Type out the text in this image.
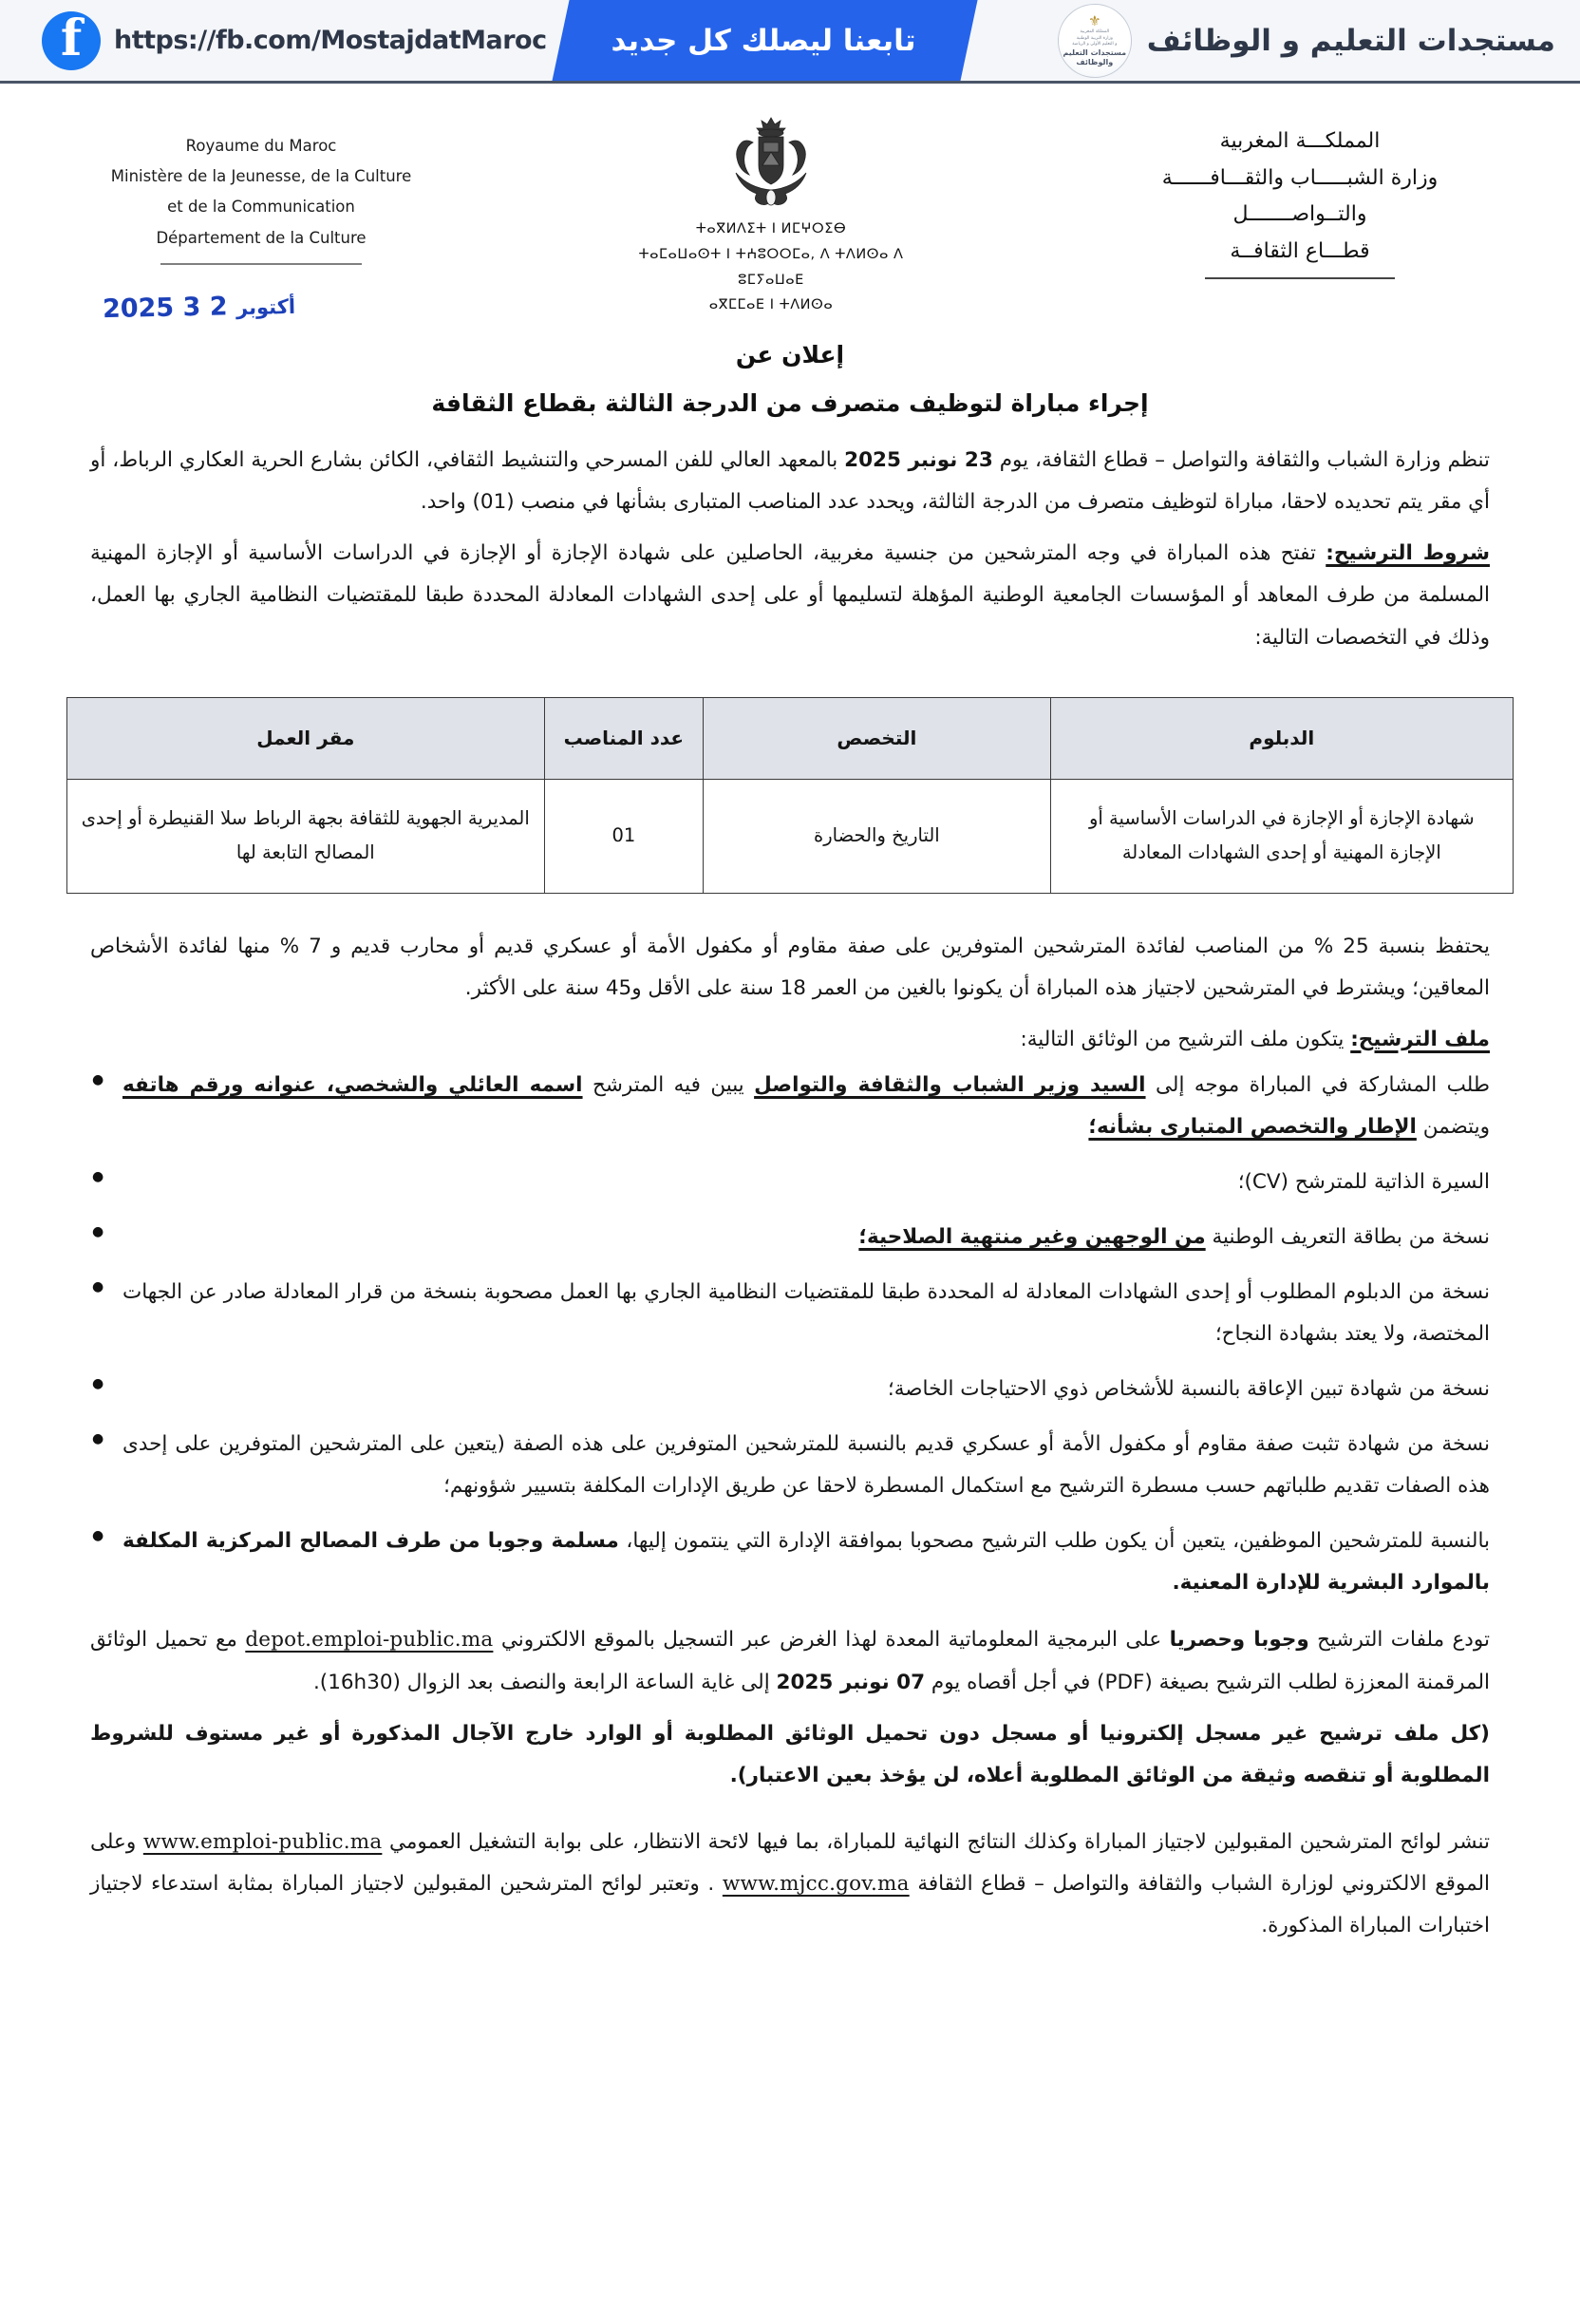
f
https://fb.com/MostajdatMaroc	تابعنا ليصلك كل جديد	مستجدات التعليم و الوظائف
⚜
المملكة المغربية
وزارة التربية الوطنية
و التعليم الأولي و الرياضة
مستجدات التعليم
والوظائف
Royaume du Maroc
Ministère de la Jeunesse, de la Culture
et de la Communication
Département de la Culture	ⵜⴰⴳⵍⴷⵉⵜ ⵏ ⵍⵎⵖⵔⵉⴱ
ⵜⴰⵎⴰⵡⴰⵙⵜ ⵏ ⵜⵄⵓⵔⵔⵎⴰ, ⴷ ⵜⴷⵍⵙⴰ ⴷ ⵓⵎⵢⴰⵡⴰⴹ
ⴰⴳⵎⵎⴰⴹ ⵏ ⵜⴷⵍⵙⴰ
المملكـــة المغربية
وزارة الشبـــــاب والثقـــافــــــة
والتــواصـــــــل
قطـــاع الثقافــة
2025	أكتوبر 2 3
إعلان عن
إجراء مباراة لتوظيف متصرف من الدرجة الثالثة بقطاع الثقافة

تنظم وزارة الشباب والثقافة والتواصل – قطاع الثقافة، يوم 23 نونبر 2025 بالمعهد العالي للفن المسرحي والتنشيط الثقافي، الكائن بشارع الحرية العكاري الرباط، أو أي مقر يتم تحديده لاحقا، مباراة لتوظيف متصرف من الدرجة الثالثة، ويحدد عدد المناصب المتبارى بشأنها في منصب (01) واحد.

شروط الترشيح: تفتح هذه المباراة في وجه المترشحين من جنسية مغربية، الحاصلين على شهادة الإجازة أو الإجازة في الدراسات الأساسية أو الإجازة المهنية المسلمة من طرف المعاهد أو المؤسسات الجامعية الوطنية المؤهلة لتسليمها أو على إحدى الشهادات المعادلة المحددة طبقا للمقتضيات النظامية الجاري بها العمل، وذلك في التخصصات التالية:

الدبلوم	التخصص	عدد المناصب	مقر العمل
شهادة الإجازة أو الإجازة في الدراسات الأساسية أو الإجازة المهنية أو إحدى الشهادات المعادلة	التاريخ والحضارة	01	المديرية الجهوية للثقافة بجهة الرباط سلا القنيطرة أو إحدى المصالح التابعة لها

يحتفظ بنسبة 25 % من المناصب لفائدة المترشحين المتوفرين على صفة مقاوم أو مكفول الأمة أو عسكري قديم أو محارب قديم و 7 % منها لفائدة الأشخاص المعاقين؛ ويشترط في المترشحين لاجتياز هذه المباراة أن يكونوا بالغين من العمر 18 سنة على الأقل و45 سنة على الأكثر.

ملف الترشيح: يتكون ملف الترشيح من الوثائق التالية:

● طلب المشاركة في المباراة موجه إلى السيد وزير الشباب والثقافة والتواصل يبين فيه المترشح اسمه العائلي والشخصي، عنوانه ورقم هاتفه ويتضمن الإطار والتخصص المتبارى بشأنه؛
● السيرة الذاتية للمترشح (CV)؛
● نسخة من بطاقة التعريف الوطنية من الوجهين وغير منتهية الصلاحية؛
● نسخة من الدبلوم المطلوب أو إحدى الشهادات المعادلة له المحددة طبقا للمقتضيات النظامية الجاري بها العمل مصحوبة بنسخة من قرار المعادلة صادر عن الجهات المختصة، ولا يعتد بشهادة النجاح؛
● نسخة من شهادة تبين الإعاقة بالنسبة للأشخاص ذوي الاحتياجات الخاصة؛
● نسخة من شهادة تثبت صفة مقاوم أو مكفول الأمة أو عسكري قديم بالنسبة للمترشحين المتوفرين على هذه الصفة (يتعين على المترشحين المتوفرين على إحدى هذه الصفات تقديم طلباتهم حسب مسطرة الترشيح مع استكمال المسطرة لاحقا عن طريق الإدارات المكلفة بتسيير شؤونهم؛
● بالنسبة للمترشحين الموظفين، يتعين أن يكون طلب الترشيح مصحوبا بموافقة الإدارة التي ينتمون إليها، مسلمة وجوبا من طرف المصالح المركزية المكلفة بالموارد البشرية للإدارة المعنية.

تودع ملفات الترشيح وجوبا وحصريا على البرمجية المعلوماتية المعدة لهذا الغرض عبر التسجيل بالموقع الالكتروني depot.emploi-public.ma مع تحميل الوثائق المرقمنة المعززة لطلب الترشيح بصيغة (PDF) في أجل أقصاه يوم 07 نونبر 2025 إلى غاية الساعة الرابعة والنصف بعد الزوال (16h30).

(كل ملف ترشيح غير مسجل إلكترونيا أو مسجل دون تحميل الوثائق المطلوبة أو الوارد خارج الآجال المذكورة أو غير مستوف للشروط المطلوبة أو تنقصه وثيقة من الوثائق المطلوبة أعلاه، لن يؤخذ بعين الاعتبار).

تنشر لوائح المترشحين المقبولين لاجتياز المباراة وكذلك النتائج النهائية للمباراة، بما فيها لائحة الانتظار، على بوابة التشغيل العمومي www.emploi-public.ma وعلى الموقع الالكتروني لوزارة الشباب والثقافة والتواصل – قطاع الثقافة www.mjcc.gov.ma . وتعتبر لوائح المترشحين المقبولين لاجتياز المباراة بمثابة استدعاء لاجتياز اختبارات المباراة المذكورة.
